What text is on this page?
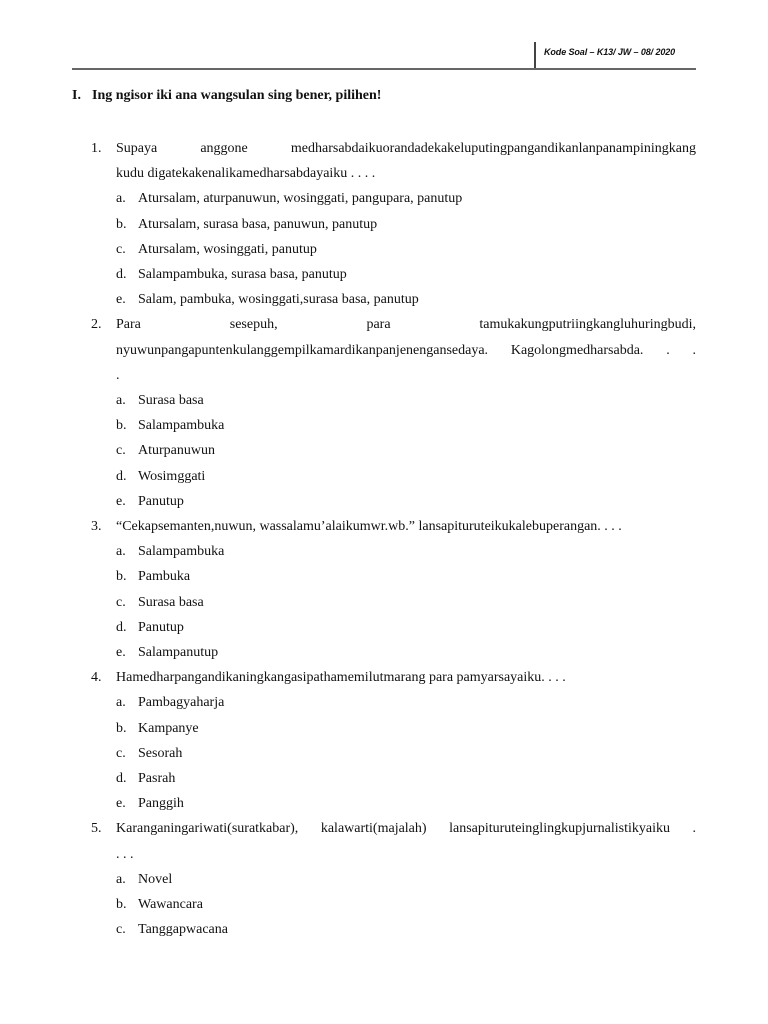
Kode Soal – K13/ JW – 08/ 2020
I. Ing ngisor iki ana wangsulan sing bener, pilihen!
1. Supaya anggone medharsabdaikuorandadekakeluputingpangandikanlanpanampiningkang
kudu digatekakenalikamedharsabdayaiku . . . .
a. Atursalam, aturpanuwun, wosinggati, pangupara, panutup
b. Atursalam, surasa basa, panuwun, panutup
c. Atursalam, wosinggati, panutup
d. Salampambuka, surasa basa, panutup
e. Salam, pambuka, wosinggati,surasa basa, panutup
2. Para sesepuh, para tamukakungputriingkangluhuringbudi,
nyuwunpangapuntenkulanggempilkamardikanpanjenengansedaya. Kagolongmedharsabda. . .
.
a. Surasa basa
b. Salampambuka
c. Aturpanuwun
d. Wosimggati
e. Panutup
3. “Cekapsemanten,nuwun, wassalamu’alaikumwr.wb.” lansapituruteikukalebuperangan. . . .
a. Salampambuka
b. Pambuka
c. Surasa basa
d. Panutup
e. Salampanutup
4. Hamedharpangandikaningkangasipathamemilutmarang para pamyarsayaiku. . . .
a. Pambagyaharja
b. Kampanye
c. Sesorah
d. Pasrah
e. Panggih
5. Karanganingariwati(suratkabar), kalawarti(majalah) lansapituruteinglingkupjurnalistikyaiku .
. . .
a. Novel
b. Wawancara
c. Tanggapwacana
